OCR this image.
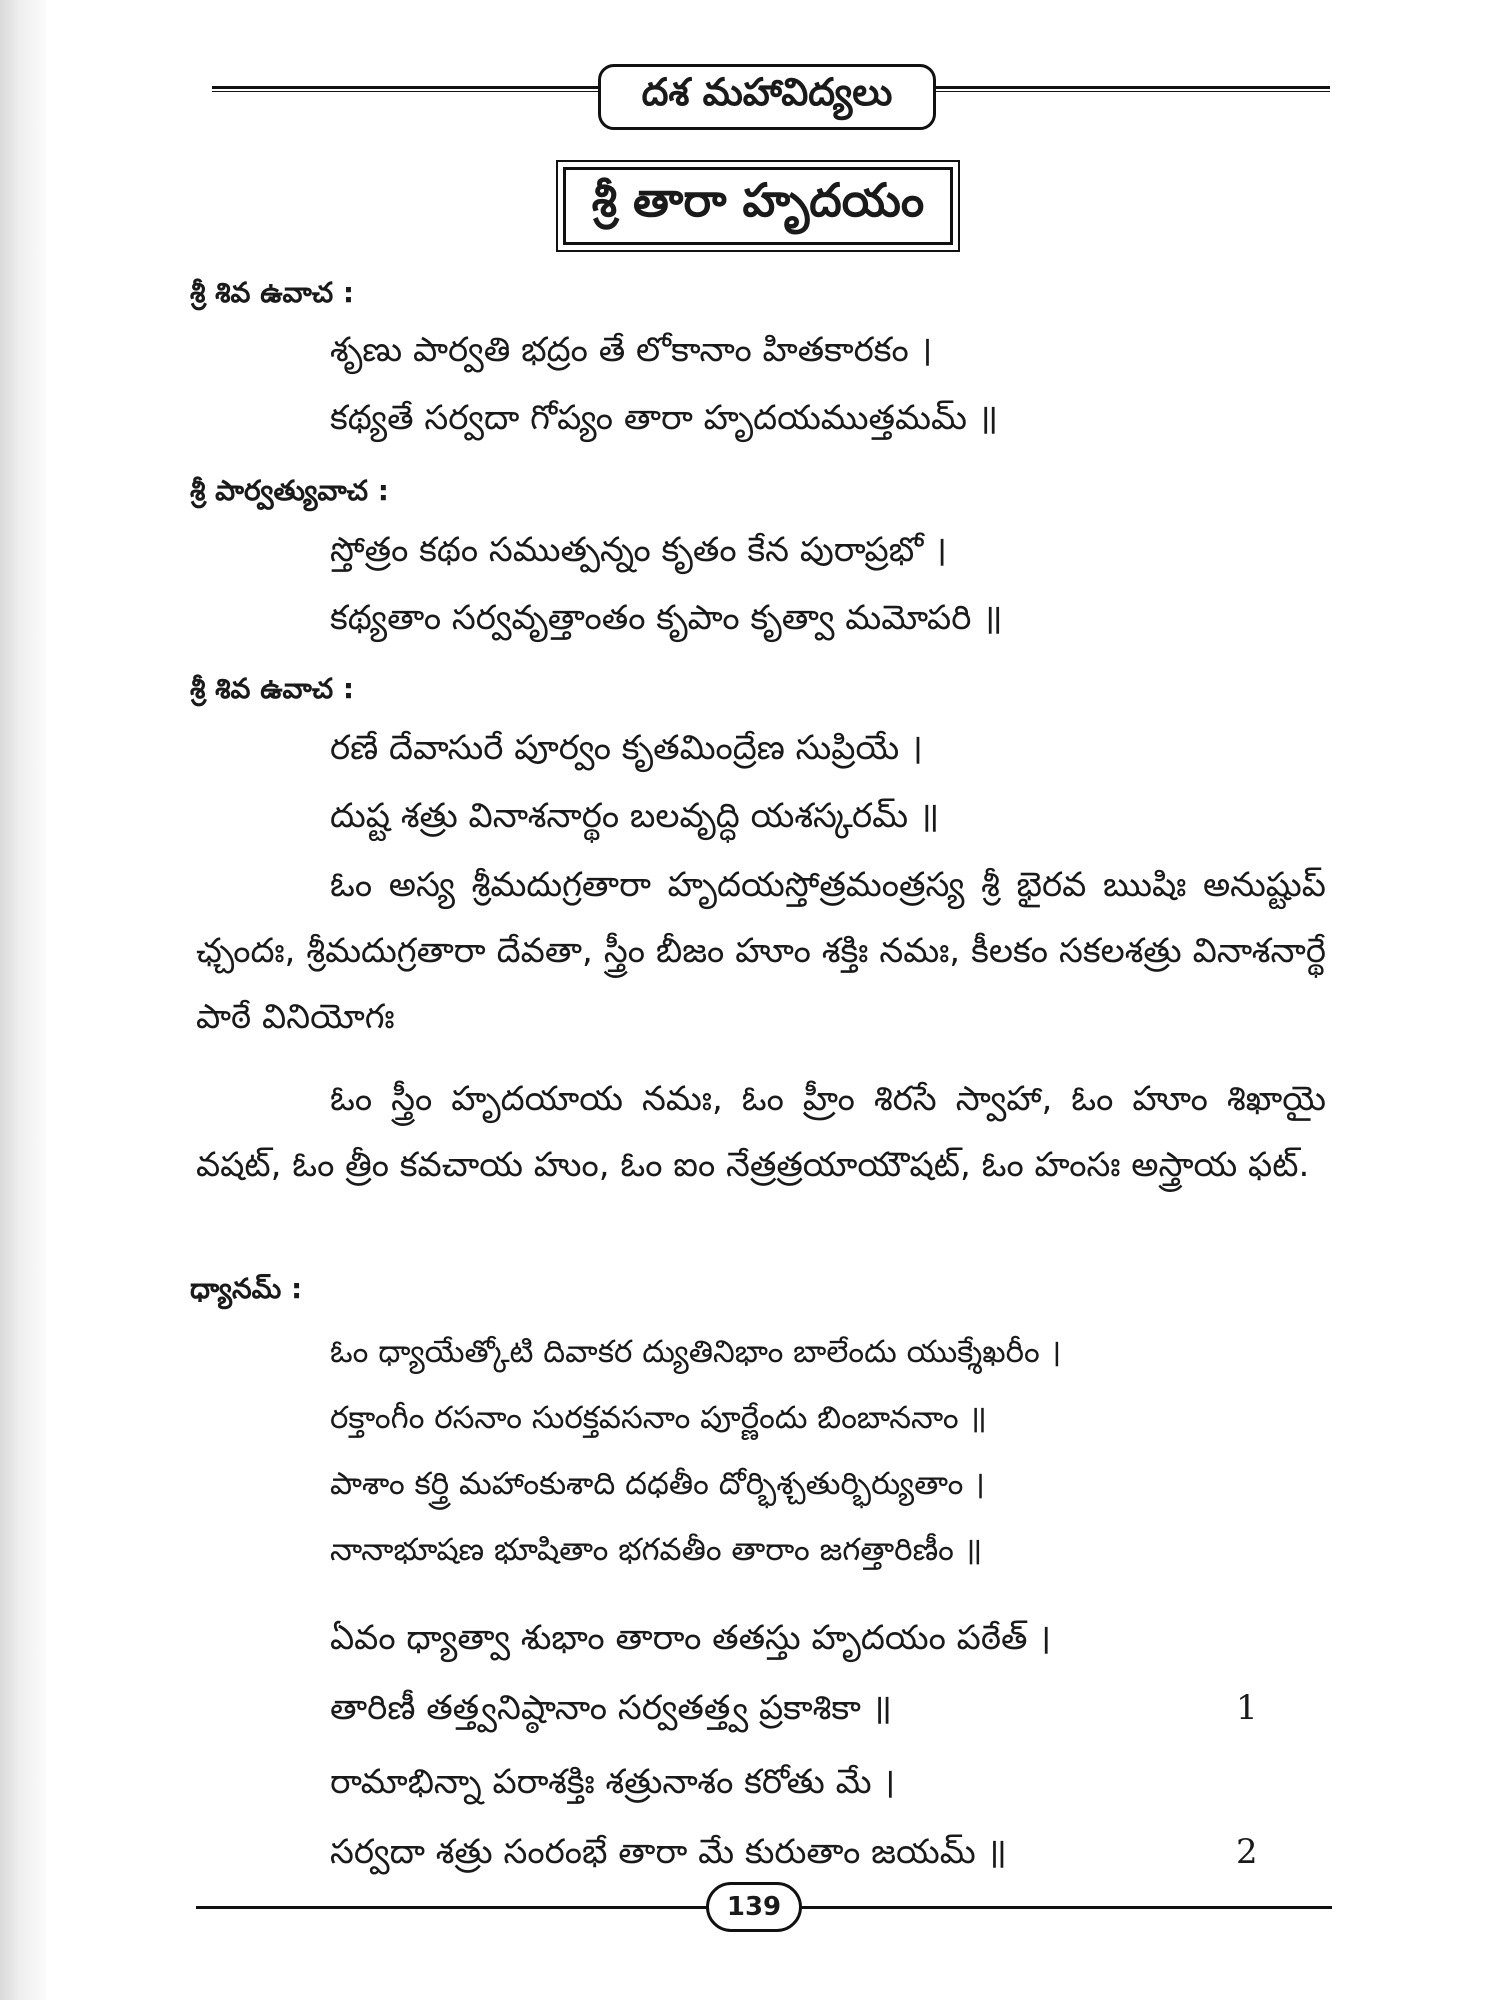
దశ మహావిద్యలు
శ్రీ తారా హృదయం
శ్రీ శివ ఉవాచ :
శృణు పార్వతి భద్రం తే లోకానాం హితకారకం ।
కథ్యతే సర్వదా గోప్యం తారా హృదయముత్తమమ్ ॥
శ్రీ పార్వత్యువాచ :
స్తోత్రం కథం సముత్పన్నం కృతం కేన పురాప్రభో ।
కథ్యతాం సర్వవృత్తాంతం కృపాం కృత్వా మమోపరి ॥
శ్రీ శివ ఉవాచ :
రణే దేవాసురే పూర్వం కృతమింద్రేణ సుప్రియే ।
దుష్ట శత్రు వినాశనార్థం బలవృద్ధి యశస్కరమ్ ॥

ఓం అస్య శ్రీమదుగ్రతారా హృదయస్తోత్రమంత్రస్య శ్రీ భైరవ ఋషిః అనుష్టుప్ ఛ్చందః, శ్రీమదుగ్రతారా దేవతా, స్త్రీం బీజం హూం శక్తిః నమః, కీలకం సకలశత్రు వినాశనార్థే పాఠే వినియోగః

ఓం స్త్రీం హృదయాయ నమః, ఓం హ్రీం శిరసే స్వాహా, ఓం హూం శిఖాయై వషట్, ఓం త్రీం కవచాయ హుం, ఓం ఐం నేత్రత్రయాయౌషట్, ఓం హంసః అస్త్రాయ ఫట్.

ధ్యానమ్ :
ఓం ధ్యాయేత్కోటి దివాకర ద్యుతినిభాం బాలేందు యుక్శేఖరీం ।
రక్తాంగీం రసనాం సురక్తవసనాం పూర్ణేందు బింబాననాం ॥
పాశాం కర్త్రి మహాంకుశాది దధతీం దోర్భిశ్చతుర్భిర్యుతాం ।
నానాభూషణ భూషితాం భగవతీం తారాం జగత్తారిణీం ॥
ఏవం ధ్యాత్వా శుభాం తారాం తతస్తు హృదయం పఠేత్ ।
తారిణీ తత్త్వనిష్ఠానాం సర్వతత్త్వ ప్రకాశికా ॥	1
రామాభిన్నా పరాశక్తిః శత్రునాశం కరోతు మే ।
సర్వదా శత్రు సంరంభే తారా మే కురుతాం జయమ్ ॥	2
139
